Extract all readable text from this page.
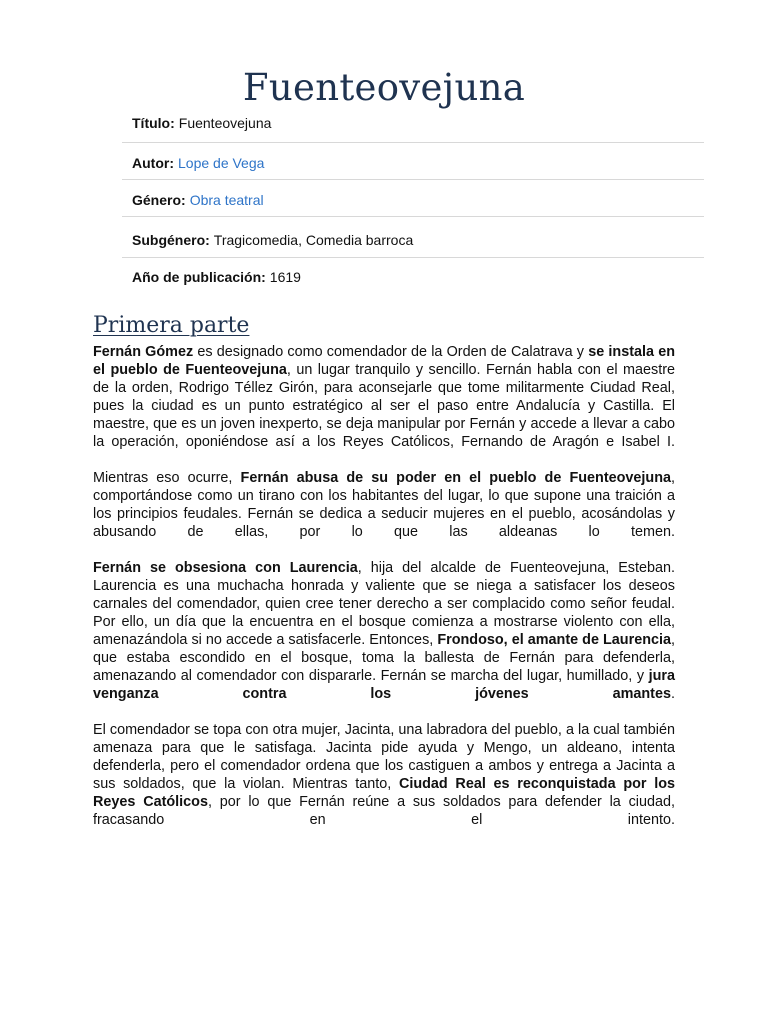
Fuenteovejuna
Título: Fuenteovejuna
Autor: Lope de Vega
Género: Obra teatral
Subgénero: Tragicomedia, Comedia barroca
Año de publicación: 1619
Primera parte

Fernán Gómez es designado como comendador de la Orden de Calatrava y se instala en el pueblo de Fuenteovejuna, un lugar tranquilo y sencillo. Fernán habla con el maestre de la orden, Rodrigo Téllez Girón, para aconsejarle que tome militarmente Ciudad Real, pues la ciudad es un punto estratégico al ser el paso entre Andalucía y Castilla. El maestre, que es un joven inexperto, se deja manipular por Fernán y accede a llevar a cabo la operación, oponiéndose así a los Reyes Católicos, Fernando de Aragón e Isabel I.

Mientras eso ocurre, Fernán abusa de su poder en el pueblo de Fuenteovejuna, comportándose como un tirano con los habitantes del lugar, lo que supone una traición a los principios feudales. Fernán se dedica a seducir mujeres en el pueblo, acosándolas y abusando de ellas, por lo que las aldeanas lo temen.

Fernán se obsesiona con Laurencia, hija del alcalde de Fuenteovejuna, Esteban. Laurencia es una muchacha honrada y valiente que se niega a satisfacer los deseos carnales del comendador, quien cree tener derecho a ser complacido como señor feudal. Por ello, un día que la encuentra en el bosque comienza a mostrarse violento con ella, amenazándola si no accede a satisfacerle. Entonces, Frondoso, el amante de Laurencia, que estaba escondido en el bosque, toma la ballesta de Fernán para defenderla, amenazando al comendador con dispararle. Fernán se marcha del lugar, humillado, y jura venganza contra los jóvenes amantes.

El comendador se topa con otra mujer, Jacinta, una labradora del pueblo, a la cual también amenaza para que le satisfaga. Jacinta pide ayuda y Mengo, un aldeano, intenta defenderla, pero el comendador ordena que los castiguen a ambos y entrega a Jacinta a sus soldados, que la violan. Mientras tanto, Ciudad Real es reconquistada por los Reyes Católicos, por lo que Fernán reúne a sus soldados para defender la ciudad, fracasando en el intento.
